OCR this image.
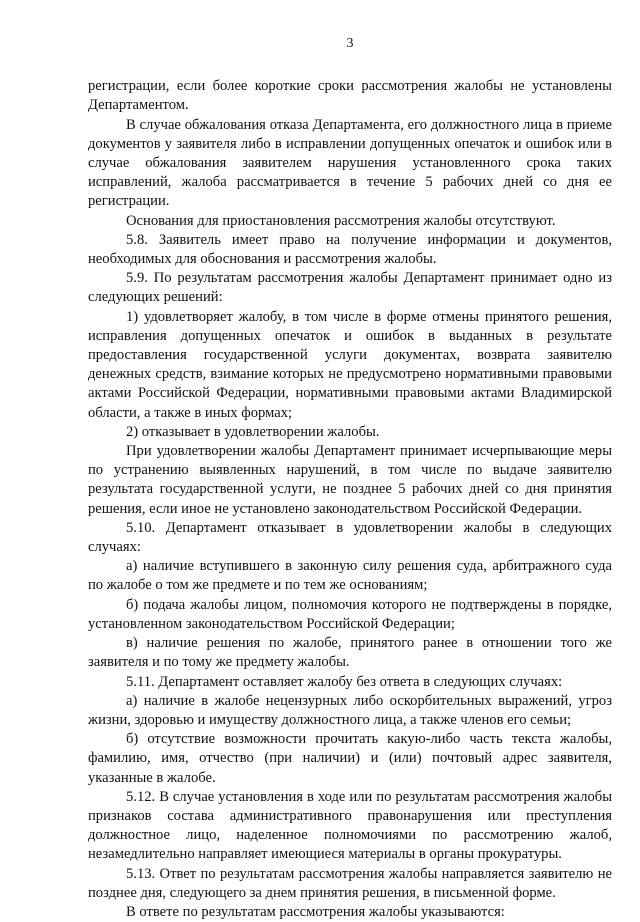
3

регистрации, если более короткие сроки рассмотрения жалобы не установлены Департаментом.

В случае обжалования отказа Департамента, его должностного лица в приеме документов у заявителя либо в исправлении допущенных опечаток и ошибок или в случае обжалования заявителем нарушения установленного срока таких исправлений, жалоба рассматривается в течение 5 рабочих дней со дня ее регистрации.

Основания для приостановления рассмотрения жалобы отсутствуют.

5.8. Заявитель имеет право на получение информации и документов, необходимых для обоснования и рассмотрения жалобы.

5.9. По результатам рассмотрения жалобы Департамент принимает одно из следующих решений:

1) удовлетворяет жалобу, в том числе в форме отмены принятого решения, исправления допущенных опечаток и ошибок в выданных в результате предоставления государственной услуги документах, возврата заявителю денежных средств, взимание которых не предусмотрено нормативными правовыми актами Российской Федерации, нормативными правовыми актами Владимирской области, а также в иных формах;

2) отказывает в удовлетворении жалобы.

При удовлетворении жалобы Департамент принимает исчерпывающие меры по устранению выявленных нарушений, в том числе по выдаче заявителю результата государственной услуги, не позднее 5 рабочих дней со дня принятия решения, если иное не установлено законодательством Российской Федерации.

5.10. Департамент отказывает в удовлетворении жалобы в следующих случаях:

а) наличие вступившего в законную силу решения суда, арбитражного суда по жалобе о том же предмете и по тем же основаниям;

б) подача жалобы лицом, полномочия которого не подтверждены в порядке, установленном законодательством Российской Федерации;

в) наличие решения по жалобе, принятого ранее в отношении того же заявителя и по тому же предмету жалобы.

5.11. Департамент оставляет жалобу без ответа в следующих случаях:

а) наличие в жалобе нецензурных либо оскорбительных выражений, угроз жизни, здоровью и имуществу должностного лица, а также членов его семьи;

б) отсутствие возможности прочитать какую-либо часть текста жалобы, фамилию, имя, отчество (при наличии) и (или) почтовый адрес заявителя, указанные в жалобе.

5.12. В случае установления в ходе или по результатам рассмотрения жалобы признаков состава административного правонарушения или преступления должностное лицо, наделенное полномочиями по рассмотрению жалоб, незамедлительно направляет имеющиеся материалы в органы прокуратуры.

5.13. Ответ по результатам рассмотрения жалобы направляется заявителю не позднее дня, следующего за днем принятия решения, в письменной форме.

В ответе по результатам рассмотрения жалобы указываются:
